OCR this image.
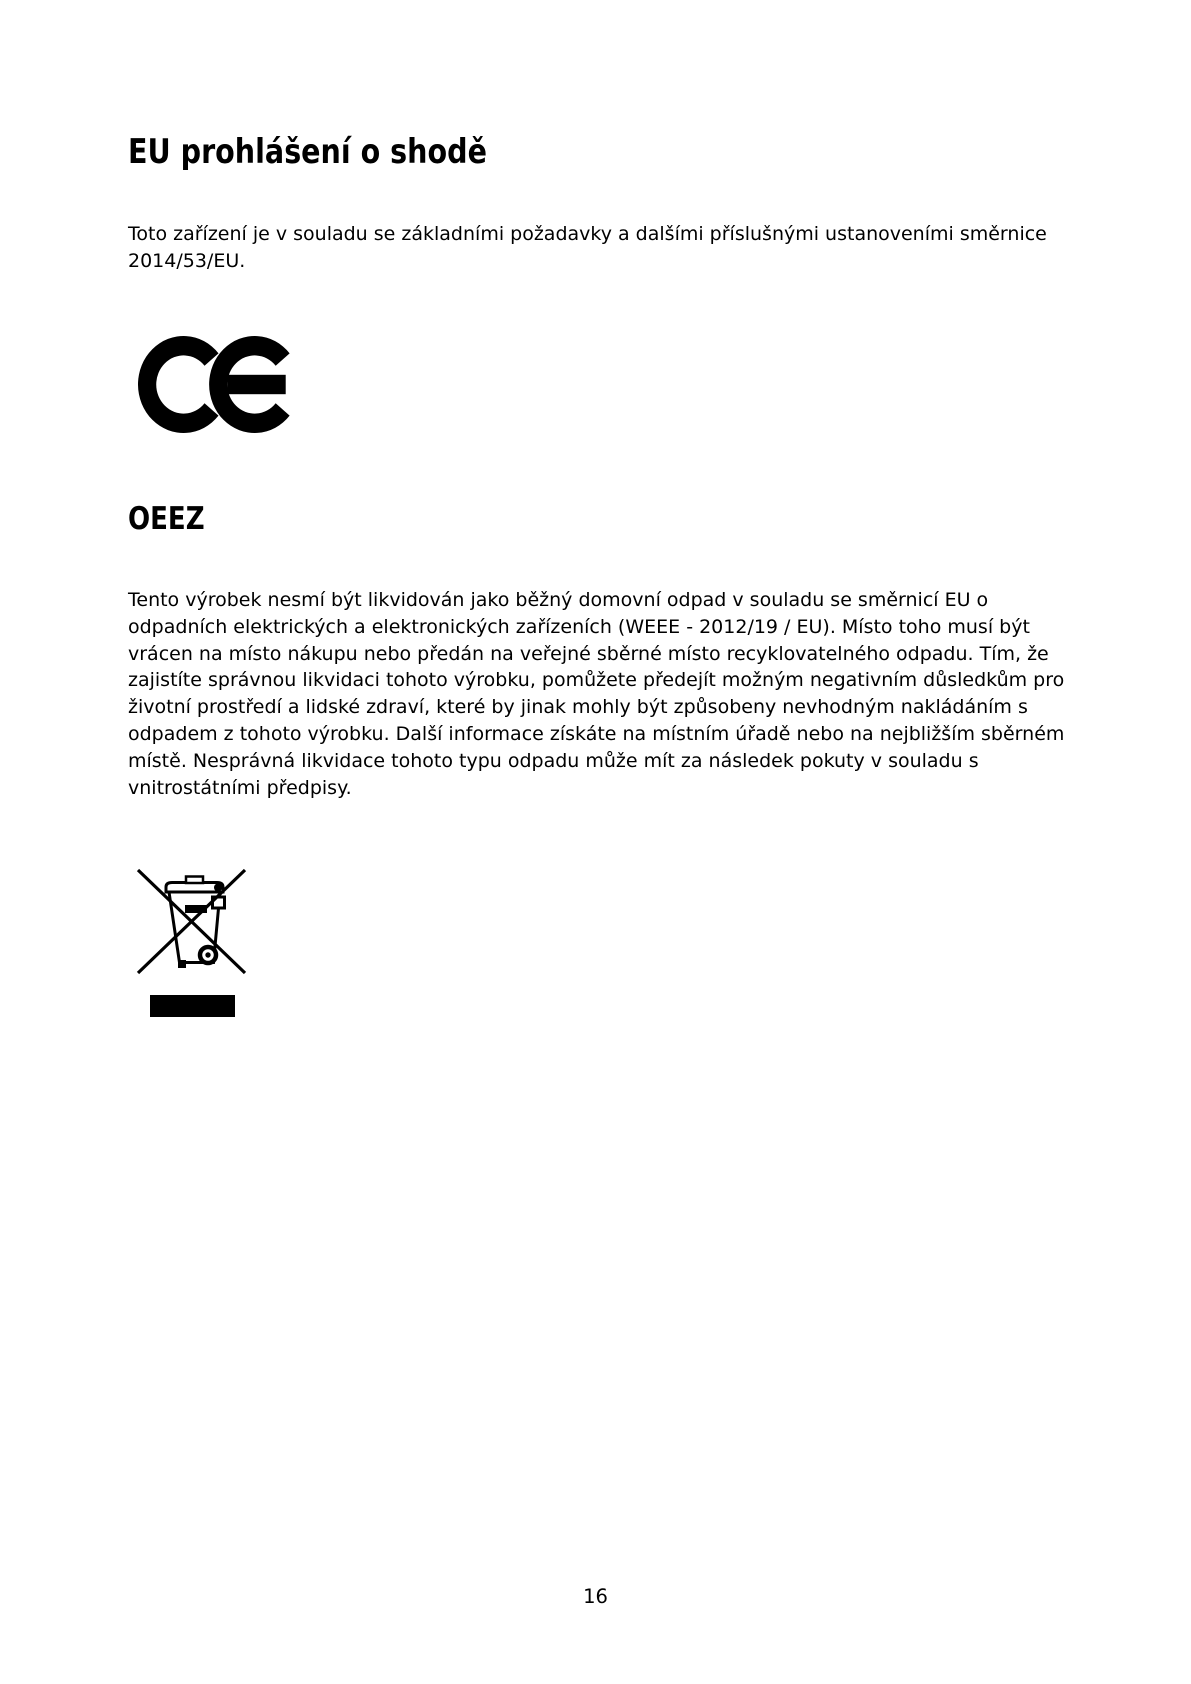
EU prohlášení o shodě

Toto zařízení je v souladu se základními požadavky a dalšími příslušnými ustanoveními směrnice 2014/53/EU.

OEEZ

Tento výrobek nesmí být likvidován jako běžný domovní odpad v souladu se směrnicí EU o odpadních elektrických a elektronických zařízeních (WEEE - 2012/19 / EU). Místo toho musí být vrácen na místo nákupu nebo předán na veřejné sběrné místo recyklovatelného odpadu. Tím, že zajistíte správnou likvidaci tohoto výrobku, pomůžete předejít možným negativním důsledkům pro životní prostředí a lidské zdraví, které by jinak mohly být způsobeny nevhodným nakládáním s odpadem z tohoto výrobku. Další informace získáte na místním úřadě nebo na nejbližším sběrném místě. Nesprávná likvidace tohoto typu odpadu může mít za následek pokuty v souladu s vnitrostátními předpisy.

16
